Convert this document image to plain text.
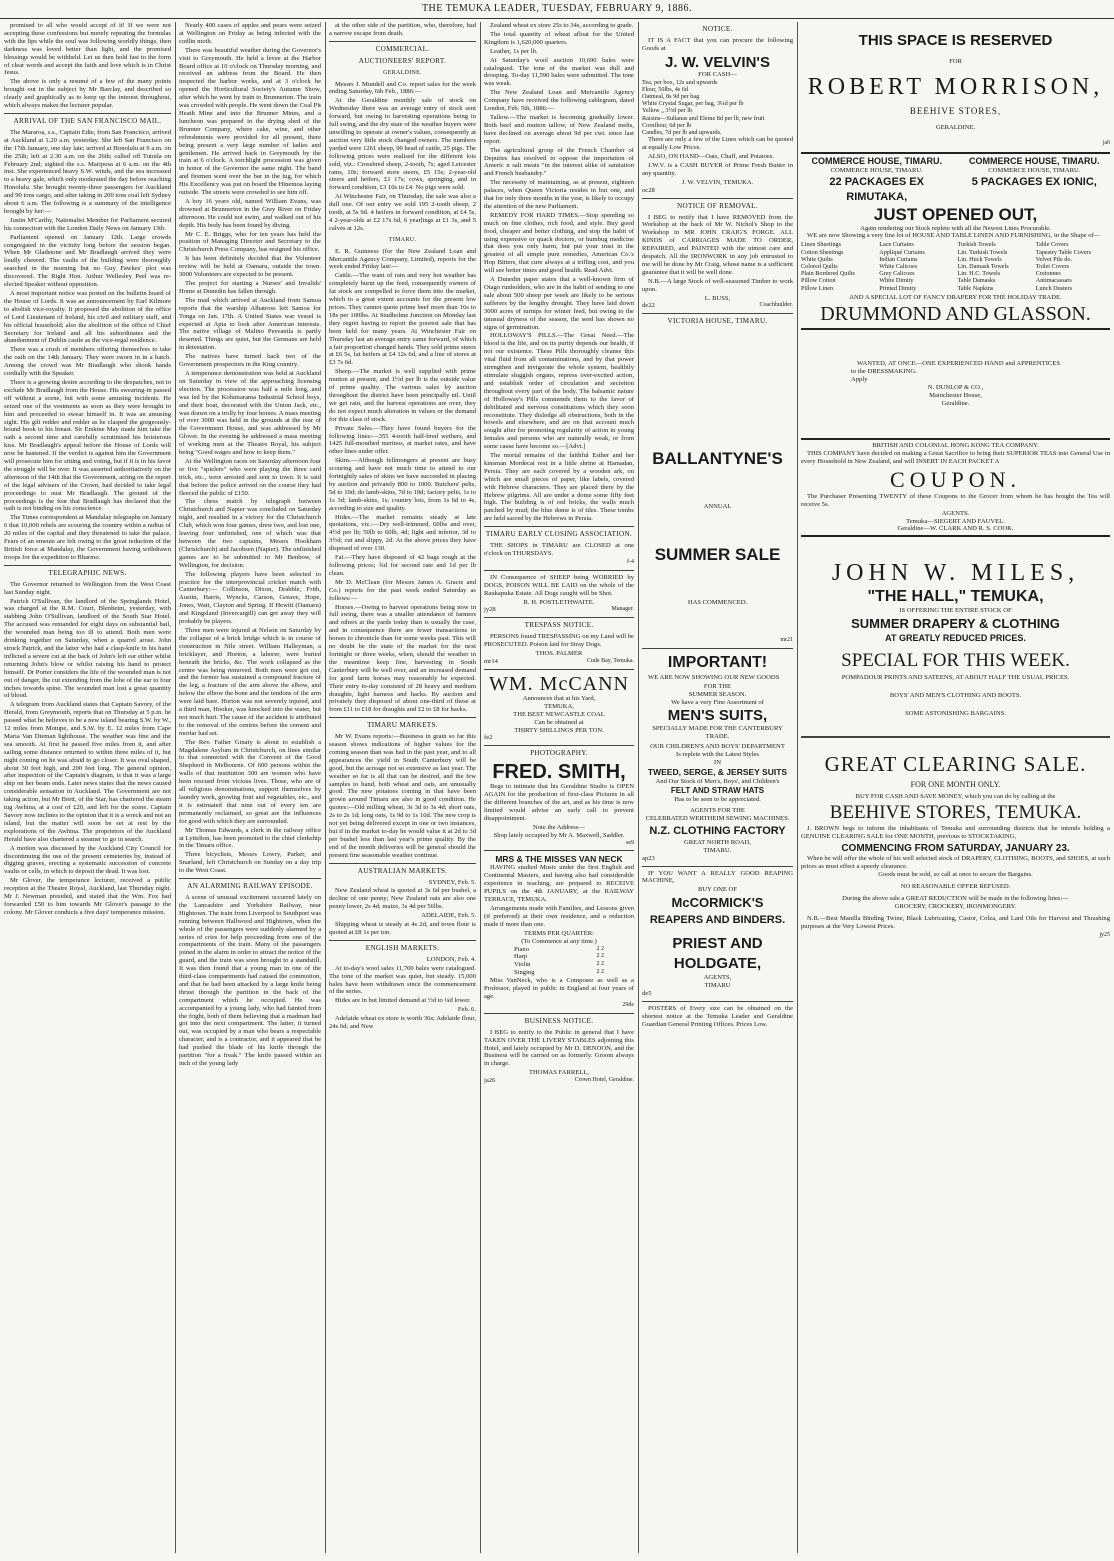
THE TEMUKA LEADER, TUESDAY, FEBRUARY 9, 1886.

promised to all who would accept of it! If we were not accepting these confessions but merely repeating the formulas with the lips while the soul was following worldly things, then darkness was loved better than light, and the promised blessings would be withheld. Let us then hold fast to the form of clear words and accept the faith and love which is in Christ Jesus.

The above is only a resumé of a few of the many points brought out in the subject by Mr Barclay, and described so clearly and graphically as to keep up the interest throughout, which always makes the lecturer popular.

ARRIVAL OF THE SAN FRANCISCO MAIL.

The Mararoa, s.s., Captain Edie, from San Francisco, arrived at Auckland at 1.20 a.m. yesterday. She left San Francisco on the 17th January, one day late; arrived at Honolulu at 9 a.m. on the 25th; left at 2.30 a.m. on the 26th; called off Tutuila on February 2nd; sighted the s.s. Mariposa at 6 a.m. on the 4th inst. She experienced heavy S.W. winds, and the sea increased to a heavy gale, which only moderated the day before reaching Honolulu. She brought twenty-three passengers for Auckland and 90 tons cargo, and after taking in 200 tons coal left Sydney about 6 a.m. The following is a summary of the intelligence brought by her:—

Justin M'Carthy, Nationalist Member for Parliament secured his connection with the London Daily News on January 13th.

Parliament opened on January 12th. Large crowds congregated in the vicinity long before the session began. When Mr Gladstone and Mr Bradlaugh arrived they were loudly cheered. The vaults of the building were thoroughly searched in the morning but no Guy Fawkes' plot was discovered. The Right Hon. Arthur Wellesley Peel was re-elected Speaker without opposition.

A most important notice was posted on the bulletin board of the House of Lords. It was an announcement by Earl Kilmore to abolish vice-royalty. It proposed the abolition of the office of Lord Lieutenant of Ireland, his civil and military staff, and his official household; also the abolition of the office of Chief Secretary for Ireland and all his subordinates and the abandonment of Dublin castle as the vice-regal residence.

There was a crush of members offering themselves to take the oath on the 14th January. They were sworn in in a batch. Among the crowd was Mr Bradlaugh who shook hands cordially with the Speaker.

There is a growing desire according to the despatches, not to exclude Mr Bradlaugh from the House. His swearing-in passed off without a scene, but with some amusing incidents. He seized one of the vestments as soon as they were brought to him and proceeded to swear himself in. It was an amusing sight. His gilt redder and redder as he clasped the gorgeously-bound book to his breast. Sir Erskine May made him take the oath a second time and carefully scrutinised his boisterous kiss. Mr Bradlaugh's appeal before the House of Lords will now be hastened. If the verdict is against him the Government will prosecute him for sitting and voting, but if it is in his favor the struggle will be over. It was asserted authoritatively on the afternoon of the 14th that the Government, acting on the report of the legal advisers of the Crown, had decided to take legal proceedings to oust Mr Bradlaugh. The ground of the proceedings is the fear that Bradlaugh has declared that the oath is not binding on his conscience.

The Times correspondent at Mandalay telegraphs on January 6 that 10,000 rebels are scouring the country within a radius of 20 miles of the capital and they threatened to take the palace. Fears of an emeute are felt owing to the great reduction of the British force at Mandalay, the Government having withdrawn troops for the expedition to Bharmo.

TELEGRAPHIC NEWS.

The Governor returned to Wellington from the West Coast last Sunday night.

Patrick O'Sullivan, the landlord of the Springlands Hotel, was charged at the R.M. Court, Blenheim, yesterday, with stabbing John O'Sullivan, landlord of the South Star Hotel. The accused was remanded for eight days on substantial bail, the wounded man being too ill to attend. Both men were drinking together on Saturday, when a quarrel arose. John struck Patrick, and the latter who had a clasp-knife in his hand inflicted a severe cut at the back of John's left ear either whilst returning John's blow or whilst raising his hand to protect himself. Dr Porter considers the life of the wounded man is not out of danger, the cut extending from the lobe of the ear to four inches towards spine. The wounded man lost a great quantity of blood.

A telegram from Auckland states that Captain Savory, of the Herald, from Greymouth, reports that on Thursday at 5 p.m. he passed what he believes to be a new island bearing S.W. by W., 12 miles from Motupe, and S.W. by E. 12 miles from Cape Maria Van Dieman lighthouse. The weather was fine and the sea smooth. At first he passed five miles from it, and after sailing some distance returned to within three miles of it, but night coming on he was afraid to go closer. It was oval shaped, about 30 feet high, and 200 feet long. The general opinion, after inspection of the Captain's diagram, is that it was a large ship on her beam ends. Later news states that the news caused considerable sensation in Auckland. The Government are not taking action, but Mr Brett, of the Star, has chartered the steam tug Awhina, at a cost of £20, and left for the scene. Captain Savory now inclines to the opinion that it is a wreck and not an island, but the matter will soon be set at rest by the explorations of the Awhina. The proprietors of the Auckland Herald have also chartered a steamer to go in search.

A motion was discussed by the Auckland City Council for discontinuing the use of the present cemeteries by, instead of digging graves, erecting a systematic succession of concrete vaults or cells, in which to deposit the dead. It was lost.

Mr Glover, the temperance lecturer, received a public reception at the Theatre Royal, Auckland, last Thursday night. Mr J. Newman presided, and stated that the Wm. Fox had forwarded £50 to him towards Mr Glover's passage to the colony. Mr Glover conducts a five days' temperance mission.

Nearly 400 cases of apples and pears were seized at Wellington on Friday as being infected with the codlin moth.

There was beautiful weather during the Governor's visit to Greymouth. He held a levee at the Harbor Board office at 10 o'clock on Thursday morning, and received an address from the Board. He then inspected the harbor works, and at 3 o'clock he opened the Horticultural Society's Autumn Show, after which he went by train to Brunnerton. The train was crowded with people. He went down the Coal Pit Heath Mine and into the Brunner Mines, and a luncheon was prepared in the drying shed of the Brunner Company, where cake, wine, and other refreshments were provided for all present, there being present a very large number of ladies and gentlemen. He arrived back in Greymouth by the train at 6 o'clock. A torchlight procession was given in honor of the Governor the same night. The band and firemen went over the bar in the tug, for which His Excellency was put on board the Hinemoa laying outside. The streets were crowded to see him off.

A boy 16 years old, named William Evans, was drowned at Brunnerton in the Grey River on Friday afternoon. He could not swim, and walked out of his depth. His body has been found by diving.

Mr C. E. Briggs, who for ten years has held the position of Managing Director and Secretary to the Christchurch Press Company, has resigned his office.

It has been definitely decided that the Volunteer review will be held at Oamaru, outside the town. 3000 Volunteers are expected to be present.

The project for starting a Nurses' and Invalids' Home at Dunedin has fallen through.

The mail which arrived at Auckland from Samoa reports that the warship Albatross left Samoa for Tonga on Jan. 17th. A United States war vessel is expected at Apia to look after American interests. The native village of Malino Pesvanila is partly deserted. Things are quiet, but the Germans are held in detestation.

The natives have turned back two of the Government prospectors in the King country.

A temperance demonstration was held at Auckland on Saturday in view of the approaching licensing election. The procession was half a mile long, and was led by the Kohimarama Industrial School boys, and their boat, decorated with the Union Jack, etc., was drawn on a trolly by four horses. A mass meeting of over 3000 was held in the grounds at the rear of the Government House, and was addressed by Mr Glover. In the evening he addressed a mass meeting of working men at the Theatre Royal, his subject being "Good wages and how to keep them."

At the Wellington races on Saturday afternoon four or five "spielers" who were playing the three card trick, etc., were arrested and sent to town. It is said that before the police arrived on the course they had fleeced the public of £150.

The chess match by telegraph between Christchurch and Napier was concluded on Saturday night, and resulted in a victory for the Christchurch Club, which won four games, drew two, and lost one, leaving four unfinished, one of which was that between the two captains, Messrs Hookham (Christchurch) and Jacobsen (Napier). The unfinished games are to be submitted to Mr Benbow, of Wellington, for decision.

The following players have been selected to practice for the interprovincial cricket match with Canterbury:— Collinson, Dixon, Drabble, Frith, Austin, Harris, Wyncks, Carson, Greave, Hope, Jones, Watt, Clayton and Spring. If Hewitt (Oamaru) and Kingsland (Invercargill) can get away they will probably be players.

Three men were injured at Nelson on Saturday by the collapse of a brick bridge which is in course of construction in Nile street. William Halleyman, a bricklayer, and Horton, a laborer, were buried beneath the bricks, &c. The work collapsed as the centre was being removed. Both men were got out, and the former has sustained a compound fracture of the leg, a fracture of the arm above the elbow, and below the elbow the bone and the tendons of the arm were laid bare. Horton was not severely injured, and a third man, Hooker, was knocked into the water, but not much hurt. The cause of the accident is attributed to the removal of the centres before the cement and mortar had set.

The Rev. Father Ginaty is about to establish a Magdalene Asylum in Christchurch, on lines similar to that connected with the Convent of the Good Shepherd in Melbourne. Of 600 persons within the walls of that institution 300 are women who have been rescued from vicious lives. Those, who are of all religious denominations, support themselves by laundry work, growing fruit and vegetables, etc., and it is estimated that nine out of every ten are permanently reclaimed, so great are the influences for good with which they are surrounded.

Mr Thomas Edwards, a clerk in the railway office at Lyttelton, has been promoted to the chief clerkship in the Timaru office.

Three bicyclists, Messrs Lowry, Parker, and Snarland, left Christchurch on Sunday on a day trip to the West Coast.

AN ALARMING RAILWAY EPISODE.

A scene of unusual excitement occurred lately on the Lancashire and Yorkshire Railway, near Hightown. The train from Liverpool to Southport was running between Hallwood and Hightown, when the whole of the passengers were suddenly alarmed by a series of cries for help proceeding from one of the compartments of the train. Many of the passengers joined in the alarm in order to attract the notice of the guard, and the train was soon brought to a standstill. It was then found that a young man in one of the third-class compartments had caused the commotion, and that he had been attacked by a large knife being thrust through the partition in the back of the compartment which he occupied. He was accompanied by a young lady, who had fainted from the fright, both of them believing that a madman had got into the next compartment. The latter, it turned out, was occupied by a man who bears a respectable character, and is a contractor, and it appeared that he had pushed the blade of his knife through the partition "for a freak." The knife passed within an inch of the young lady

at the other side of the partition, who, therefore, had a narrow escape from death.

COMMERCIAL.
AUCTIONEERS' REPORT.
GERALDINE.

Messrs J. Mundell and Co. report sales for the week ending Saturday, 6th Feb., 1886:—

At the Geraldine monthly sale of stock on Wednesday there was an average entry of stock sent forward, but owing to harvesting operations being in full swing, and the dry state of the weather buyers were unwilling to operate at owner's values, consequently at auction very little stock changed owners. The numbers yarded were 1261 sheep, 90 head of cattle, 25 pigs. The following prices were realised for the different lots sold, viz.: Crossbred sheep, 2-tooth, 7s; aged Leicester rams, 10s; forward store steers, £5 15s; 2-year-old steers and heifers, £1 17s; cows, springing, and in forward condition, £3 10s to £4. No pigs were sold.

At Winchester Fair, on Thursday, the sale was also a dull one. Of our entry we sold 195 2-tooth sheep, 2 tooth, at 5s 9d. 4 heifers in forward condition, at £4 5s, 4 2-year-olds at £2 17s 6d, 6 yearlings at £1 3s, and 5 calves at 12s.

TIMARU.

E. R. Guinness (for the New Zealand Loan and Mercantile Agency Company, Limited), reports for the week ended Friday last:—

Cattle.—The want of rain and very hot weather has completely burnt up the feed, consequently owners of fat stock are compelled to force them into the market, which to a great extent accounts for the present low prices. They cannot quote prime beef more than 16s to 18s per 100lbs. At Studholme Junction on Monday last they regret having to report the poorest sale that has been held for many years. At Winchester Fair on Thursday last an average entry came forward, of which a fair proportion changed hands. They sold prime steers at £6 5s, fat heifers at £4 12s 6d, and a line of stores at £3 7s 6d.

Sheep.—The market is well supplied with prime mutton at present, and 1½d per lb is the outside value of prime quality. The various sales by auction throughout the district have been principally nil. Until we get rain, and the harvest operations are over, they do not expect much alteration in values or the demand for this class of stock.

Private Sales.—They have found buyers for the following lines:—355 4-tooth half-bred wethers, and 1425 full-mouthed merinos, at market rates, and have other lines under offer.

Skins.—Although fellmongers at present are busy scouring and have not much time to attend to our fortnightly sales of skins we have succeeded in placing by auction and privately 800 to 1000. Butchers' pelts, 5d to 10d; do lamb-skins, 7d to 10d; factory pelts, 1s to 1s 3d; lamb-skins, 1s; country lots, from 1s 6d to 4s, according to size and quality.

Hides.—The market remains steady at late quotations, viz.:—Dry well-trimmed, 60lbs and over, 4½d per lb; 50lb to 60lb, 4d; light and inferior, 3d to 3½d; cut and slippy, 2d. At the above prices they have disposed of over 130.

Fat.—They have disposed of 42 bags rough at the following prices; ¾d for second rate and 1d per lb clean.

Mr D. McClean (for Messrs James A. Gracie and Co.) reports for the past week ended Saturday as follows:—

Horses.—Owing to harvest operations being now in full swing, there was a smaller attendance of farmers and others at the yards today than is usually the case, and in consequence there are fewer transactions in horses to chronicle than for some weeks past. This will no doubt be the state of the market for the next fortnight or three weeks, when, should the weather in the meantime keep fine, harvesting in South Canterbury will be well over, and an increased demand for good farm horses may reasonably be expected. Their entry to-day consisted of 28 heavy and medium draughts, light harness and hacks. By auction and privately they disposed of about one-third of these at from £11 to £18 for draughts and £2 to £8 for hacks.

TIMARU MARKETS.

Mr W. Evans reports:—Business in grain so far this season shows indications of higher values for the coming season than was had in the past year, and to all appearances the yield in South Canterbury will be good, but the acreage not so extensive as last year. The weather so far is all that can be desired, and the few samples to hand, both wheat and oats, are unusually good. The new potatoes coming in that have been grown around Timaru are also in good condition. He quotes:—Old milling wheat, 3s 3d to 3s 4d; short oats, 2s to 2s 1d; long oats, 1s 9d to 1s 10d. The new crop is not yet being delivered except in one or two instances, but if in the market to-day he would value it at 2d to 3d per bushel less than last year's prime quality. By the end of the month deliveries will be general should the present fine seasonable weather continue.

AUSTRALIAN MARKETS.

SYDNEY, Feb. 5.

New Zealand wheat is quoted at 3s 6d per bushel, a decline of one penny; New Zealand oats are also one penny lower, 2s 4d; maize, 3s 4d per 56lbs.

ADELAIDE, Feb. 5.

Shipping wheat is steady at 4s 2d, and town flour is quoted at £8 1s per ton.

ENGLISH MARKETS.

LONDON, Feb. 4.

At to-day's wool sales 11,700 bales were catalogued. The tone of the market was quiet, but steady. 15,000 bales have been withdrawn since the commencement of the series.

Hides are in but limited demand at ½d to ¼d lower.

Feb. 6.

Adelaide wheat ex store is worth 36s; Adelaide flour, 24s 6d; and New

Zealand wheat ex store 25s to 34s, according to grade.

The total quantity of wheat afloat for the United Kingdom is 1,620,000 quarters.

Leather, 1s per lb.

At Saturday's wool auction 10,690 bales were catalogued. The tone of the market was dull and drooping. To-day 11,590 bales were submitted. The tone was weak.

The New Zealand Loan and Mercantile Agency Company have received the following cablegram, dated London, Feb. 5th, 1886:—

Tallow.—The market is becoming gradually lower. Both beef and mutton tallow, of New Zealand melts, have declined on average about 9d per cwt. since last report.

The agricultural group of the French Chamber of Deputies has resolved to oppose the importation of Americ n salt meats "in the interest alike of sanitation and French husbandry."

The necessity of maintaining, as at present, eighteen palaces, when Queen Victoria resides in but one, and that for only three months in the year, is likely to occupy the attention of the new Parliament.

REMEDY FOR HARD TIMES.—Stop spending so much on fine clothes, rich food, and style. Buy good food, cheaper and better clothing, and stop the habit of using expensive or quack doctors, or humbug medicine that does you only harm, but put your trust in the greatest of all simple pure remedies, American Co.'s Hop Bitters, that cure always at a trifling cost, and you will see better times and good health. Read Advt.

A Dunedin paper states that a well-known firm of Otago runholders, who are in the habit of sending to one sale about 500 sheep per week are likely to be serious sufferers by the lengthy drought. They have laid down 3000 acres of turnips for winter feed, but owing to the unusual dryness of the season, the seed has shown no signs of germination.

HOLLOWAY'S PILLS.—The Great Need.—The blood is the life, and on its purity depends our health, if not our existence. These Pills thoroughly cleanse this vital fluid from all contaminations, and by that power strengthen and invigorate the whole system, healthily stimulate sluggish organs, repress over-excited action, and establish order of circulation and secretion throughout every part of the body. The balsamic nature of Holloway's Pills commends them to the favor of debilitated and nervous constitutions which they soon reconstitute. They dislodge all obstructions, both in the bowels and elsewhere, and are on that account much sought after for promoting regularity of action in young females and persons who are naturally weak, or from some cause have become so.—[Advt.]

The mortal remains of the faithful Esther and her kinsman Mordecai rest in a little shrine at Hamadan, Persia. They are each covered by a wooden ark, on which are small pieces of paper, like labels, covered with Hebrew characters. They are placed there by the Hebrew pilgrims. All are under a dome some fifty feet high. The building is of red bricks, the walls much patched by mud; the blue dome is of tiles. These tombs are held sacred by the Hebrews in Persia.

TIMARU EARLY CLOSING ASSOCIATION.

THE SHOPS in TIMARU are CLOSED at one o'clock on THURSDAYS.

f-4

IN Consequence of SHEEP being WORRIED by DOGS, POISON WILL BE LAID on the whole of the Raukapuka Estate. All Dogs caught will be Shot.

R. H. POSTLETHWAITE.
jy28	Manager.
TRESPASS NOTICE.

PERSONS found TRESPASSING on my Land will be PROSECUTED. Poison laid for Stray Dogs.

THOS. PALMER
mr14	Cude Bay, Temuka.
WM. McCANN
Announces that at his Yard,
TEMUKA,
THE BEST NEWCASTLE COAL
Can be obtained at
THIRTY SHILLINGS PER TON.
fe2
PHOTOGRAPHY.
FRED. SMITH,

Begs to intimate that his Geraldine Studio is OPEN AGAIN for the production of first-class Pictures in all the different branches of the art, and as his time is now limited would advise an early call to prevent disappointment.

Note the Address—
Shop lately occupied by Mr A. Maxwell, Saddler.
se9
MRS & THE MISSES VAN NECK

HAVING studied Music under the first English and Continental Masters, and having also had considerable experience in teaching, are prepared to RECEIVE PUPILS on the 4th JANUARY, at the RAILWAY TERRACE, TEMUKA.

Arrangements made with Families, and Lessons given (if preferred) at their own residence, and a reduction made if more than one.

TERMS PER QUARTER:
(To Commence at any time.)
Piano	2 2
Harp	2 2
Violin	2 2
Singing	2 2

Miss VanNeck, who is a Composer as well as a Professor, played in public in England at four years of age.

29de
BUSINESS NOTICE.

I BEG to notify to the Public in general that I have TAKEN OVER THE LIVERY STABLES adjoining this Hotel, and lately occupied by Mr D. DENOON, and the Business will be carried on as formerly. Groom always in charge.

THOMAS FARRELL,
ja26	Crown Hotel, Geraldine.
NOTICE.

IT IS A FACT that you can procure the following Goods at

J. W. VELVIN'S
FOR CASH—
Tea, per box, 12s and upwards
Flour, 50lbs, 4s 6d
Oatmeal, 8s 9d per bag
White Crystal Sugar, per bag, 3¼d per lb
Yellow „ 3½d per lb
Raisins—Sultanas and Eleme 8d per lb, new fruit
Cornflour, 6d per lb
Candles, 7d per lb and upwards.

There are only a few of the Lines which can be quoted at equally Low Prices.

ALSO, ON HAND—Oats, Chaff, and Potatoes.

J.W.V. is a CASH BUYER of Prime Fresh Butter in any quantity.

J. W. VELVIN, TEMUKA.
oc28
NOTICE OF REMOVAL.

I BEG to notify that I have REMOVED from the Workshop at the back of Mr W. Nichol's Shop to the Workshop in MR JOHN CRAIG'S FORGE. ALL KINDS of CARRIAGES MADE TO ORDER, REPAIRED, and PAINTED with the utmost care and despatch. All the IRONWORK in any job entrusted to me will be done by Mr Craig, whose name is a sufficient guarantee that it will be well done.

N.B.—A large Stock of well-seasoned Timber to work upon.

L. BUSS,
de22	Coachbuilder.
VICTORIA HOUSE, TIMARU.
BALLANTYNE'S
ANNUAL
SUMMER SALE
HAS COMMENCED.
mr21
IMPORTANT!

WE ARE NOW SHOWING OUR NEW GOODS

FOR THE
SUMMER SEASON.
We have a very Fine Assortment of
MEN'S SUITS,
SPECIALLY MADE FOR THE CANTERBURY TRADE.
OUR CHILDREN'S AND BOYS' DEPARTMENT
Is replete with the Latest Styles
IN
TWEED, SERGE, & JERSEY SUITS
And Our Stock of Men's, Boys', and Children's
FELT AND STRAW HATS
Has to be seen to be appreciated.
AGENTS FOR THE
CELEBRATED WERTHEIM SEWING MACHINES.
N.Z. CLOTHING FACTORY
GREAT NORTH ROAD,
TIMARU.
ap23

IF YOU WANT A REALLY GOOD REAPING MACHINE,

BUY ONE OF
McCORMICK'S
REAPERS AND BINDERS.
PRIEST AND
HOLDGATE,
AGENTS,
TIMARU
de5

POSTERS of Every size can be obtained on the shortest notice at the Temuka Leader and Geraldine Guardian General Printing Offices. Prices Low.

THIS SPACE IS RESERVED
FOR
ROBERT MORRISON,
BEEHIVE STORES,
GERALDINE.
ja6
COMMERCE HOUSE, TIMARU.	COMMERCE HOUSE, TIMARU.
COMMERCE HOUSE, TIMARU.	COMMERCE HOUSE, TIMARU.
22 PACKAGES EX RIMUTAKA,
5 PACKAGES EX IONIC,
JUST OPENED OUT,
Again rendering our Stock replete with all the Newest Lines Procurable.

WE are now Showing a very fine lot of HOUSE AND TABLE LINEN AND FURNISHING, in the Shape of—

Linen Sheetings
Cotton Sheetings
White Quilts
Colored Quilts
Plain Bordered Quilts
Pillow Cotton
Pillow Linen
Lace Curtains
Appliqué Curtains
Indian Curtains
White Calicoes
Grey Calicoes
White Dimity
Printed Dimity
Turkish Towels
Lin. Turkish Towels
Lin. Huck Towels
Lin. Damask Towels
Lin. H.C. Towels
Table Damasks
Table Napkins
Table Covers
Tapestry Table Covers
Velvet Pile do.
Toilet Covers
Cretonnes
Antimacassars
Lunch Dusters
AND A SPECIAL LOT OF FANCY DRAPERY FOR THE HOLIDAY TRADE.
DRUMMOND AND GLASSON.

WANTED, AT ONCE—ONE EXPERIENCED HAND and APPRENTICES to the DRESSMAKING.

Apply
N. DUNLOP & CO.,
Mainchester House,
Geraldine.
BRITISH AND COLONIAL HONG KONG TEA COMPANY.

THIS COMPANY have decided on making a Great Sacrifice to bring their SUPERIOR TEAS into General Use in every Household in New Zealand, and will INSERT IN EACH PACKET A

COUPON.

The Purchaser Presenting TWENTY of these Coupons to the Grocer from whom he has bought the Tea will receive 5s.

AGENTS.
Temuka—SIEGERT AND FAUVEL.
Geraldine—W. CLARK AND R. S. COOK.
JOHN W. MILES,
"THE HALL," TEMUKA,
IS OFFERING THE ENTIRE STOCK OF
SUMMER DRAPERY & CLOTHING
AT GREATLY REDUCED PRICES.
SPECIAL FOR THIS WEEK.
POMPADOUR PRINTS AND SATEENS, AT ABOUT HALF THE USUAL PRICES.
BOYS' AND MEN'S CLOTHING AND BOOTS.
SOME ASTONISHING BARGAINS.
GREAT CLEARING SALE.
FOR ONE MONTH ONLY.
BUY FOR CASH AND SAVE MONEY, which you can do by calling at the
BEEHIVE STORES, TEMUKA.

J. BROWN begs to inform the inhabitants of Temuka and surrounding districts that he intends holding a GENUINE CLEARING SALE for ONE MONTH, previous to STOCKTAKING,

COMMENCING FROM SATURDAY, JANUARY 23.

When he will offer the whole of his well selected stock of DRAPERY, CLOTHING, BOOTS, and SHOES, at such prices as must effect a speedy clearance.

Goods must be sold, so call at once to secure the Bargains.
NO REASONABLE OFFER REFUSED.
During the above sale a GREAT REDUCTION will be made in the following lines:—
GROCERY, CROCKERY, IRONMONGERY.

N.B.—Best Manilla Binding Twine, Black Lubricating, Castor, Colza, and Lard Oils for Harvest and Thrashing purposes at the Very Lowest Prices.

jy25
